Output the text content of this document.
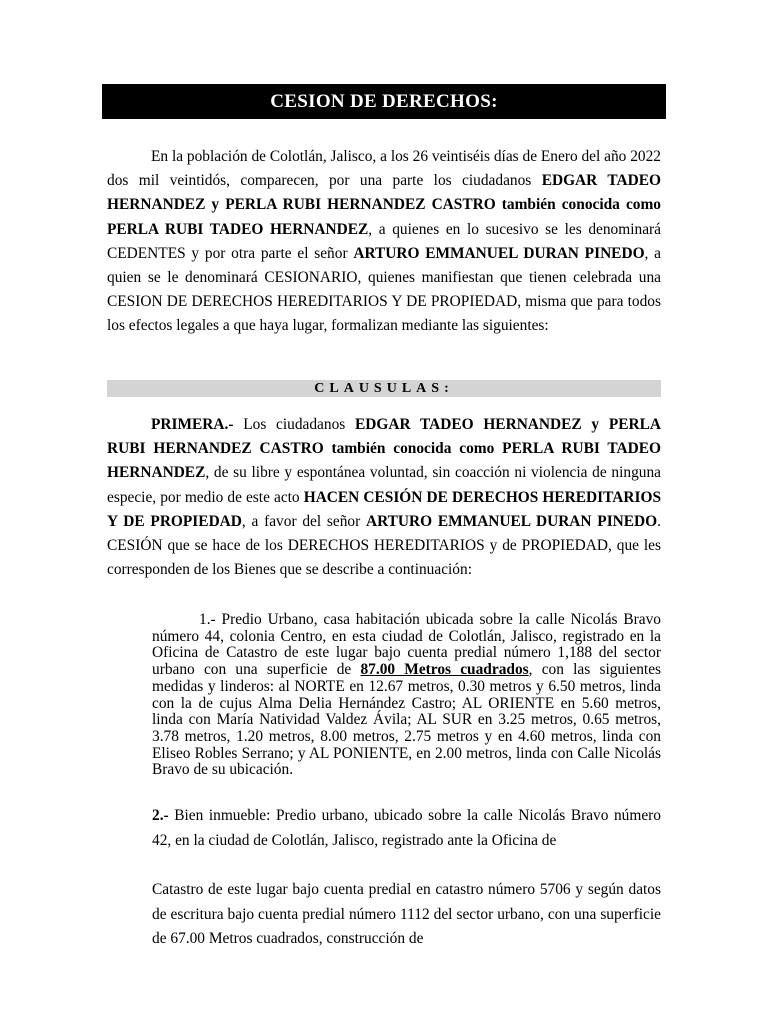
CESION DE DERECHOS:
En la población de Colotlán, Jalisco, a los 26 veintiséis días de Enero del año 2022 dos mil veintidós, comparecen, por una parte los ciudadanos EDGAR TADEO HERNANDEZ y PERLA RUBI HERNANDEZ CASTRO también conocida como PERLA RUBI TADEO HERNANDEZ, a quienes en lo sucesivo se les denominará CEDENTES y por otra parte el señor ARTURO EMMANUEL DURAN PINEDO, a quien se le denominará CESIONARIO, quienes manifiestan que tienen celebrada una CESION DE DERECHOS HEREDITARIOS Y DE PROPIEDAD, misma que para todos los efectos legales a que haya lugar, formalizan mediante las siguientes:
CLAUSULAS:
PRIMERA.- Los ciudadanos EDGAR TADEO HERNANDEZ y PERLA RUBI HERNANDEZ CASTRO también conocida como PERLA RUBI TADEO HERNANDEZ, de su libre y espontánea voluntad, sin coacción ni violencia de ninguna especie, por medio de este acto HACEN CESIÓN DE DERECHOS HEREDITARIOS Y DE PROPIEDAD, a favor del señor ARTURO EMMANUEL DURAN PINEDO. CESIÓN que se hace de los DERECHOS HEREDITARIOS y de PROPIEDAD, que les corresponden de los Bienes que se describe a continuación:
1.- Predio Urbano, casa habitación ubicada sobre la calle Nicolás Bravo número 44, colonia Centro, en esta ciudad de Colotlán, Jalisco, registrado en la Oficina de Catastro de este lugar bajo cuenta predial número 1,188 del sector urbano con una superficie de 87.00 Metros cuadrados, con las siguientes medidas y linderos: al NORTE en 12.67 metros, 0.30 metros y 6.50 metros, linda con la de cujus Alma Delia Hernández Castro; AL ORIENTE en 5.60 metros, linda con María Natividad Valdez Ávila; AL SUR en 3.25 metros, 0.65 metros, 3.78 metros, 1.20 metros, 8.00 metros, 2.75 metros y en 4.60 metros, linda con Eliseo Robles Serrano; y AL PONIENTE, en 2.00 metros, linda con Calle Nicolás Bravo de su ubicación.
2.- Bien inmueble: Predio urbano, ubicado sobre la calle Nicolás Bravo número 42, en la ciudad de Colotlán, Jalisco, registrado ante la Oficina de
Catastro de este lugar bajo cuenta predial en catastro número 5706 y según datos de escritura bajo cuenta predial número 1112 del sector urbano, con una superficie de 67.00 Metros cuadrados, construcción de
